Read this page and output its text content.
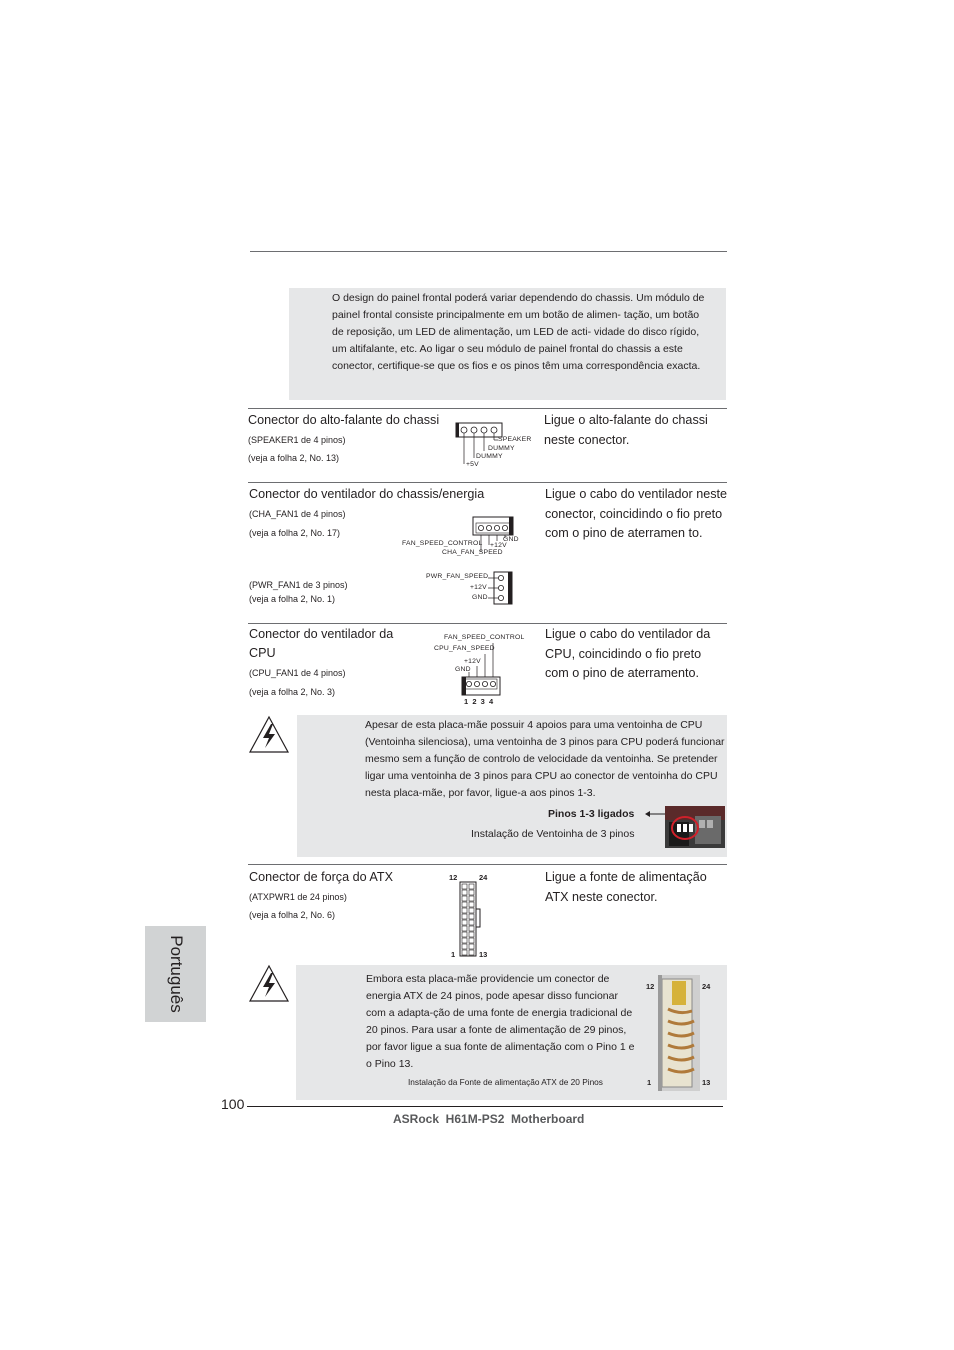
O design do painel frontal poderá variar dependendo do chassis. Um módulo de painel frontal consiste principalmente em um botão de alimen- tação, um botão de reposição, um LED de alimentação, um LED de acti- vidade do disco rígido, um altifalante, etc. Ao ligar o seu módulo de painel frontal do chassis a este conector, certifique-se que os fios e os pinos têm uma correspondência exacta.
Conector do alto-falante do chassi
(SPEAKER1 de 4 pinos)
(veja a folha 2, No. 13)
Ligue o alto-falante do chassi neste conector.
SPEAKER
DUMMY
DUMMY
+5V
Conector do ventilador do chassis/energia
(CHA_FAN1 de 4 pinos)
(veja a folha 2, No. 17)
(PWR_FAN1 de 3 pinos)
(veja a folha 2, No. 1)
Ligue o cabo do ventilador neste conector, coincidindo o fio preto com o pino de aterramen to.
GND
+12V
FAN_SPEED_CONTROL
CHA_FAN_SPEED
PWR_FAN_SPEED
+12V
GND
Conector do ventilador da CPU
(CPU_FAN1 de 4 pinos)
(veja a folha 2, No. 3)
Ligue o cabo do ventilador da CPU, coincidindo o fio preto com o pino de aterramento.
FAN_SPEED_CONTROL
CPU_FAN_SPEED
+12V
GND
1  2  3  4
Apesar de esta placa-mãe possuir 4 apoios para uma ventoinha de CPU (Ventoinha silenciosa), uma ventoinha de 3 pinos para CPU poderá funcionar mesmo sem a função de controlo de velocidade da ventoinha. Se pretender ligar uma ventoinha de 3 pinos para CPU ao conector de ventoinha do CPU nesta placa-mãe, por favor, ligue-a aos pinos 1-3.
Pinos 1-3 ligados
Instalação de Ventoinha de 3 pinos
Conector de força do ATX
(ATXPWR1 de 24 pinos)
(veja a folha 2, No. 6)
Ligue a fonte de alimentação ATX neste conector.
12	24
1	13
Embora esta placa-mãe providencie um conector de energia ATX de 24 pinos, pode apesar disso funcionar com a adapta-ção de uma fonte de energia tradicional de 20 pinos. Para usar a fonte de alimentação de 29 pinos, por favor ligue a sua fonte de alimentação com o Pino 1 e o Pino 13.
Instalação da Fonte de alimentação ATX de 20 Pinos
12	24
1	13
Português
100
ASRock  H61M-PS2  Motherboard
